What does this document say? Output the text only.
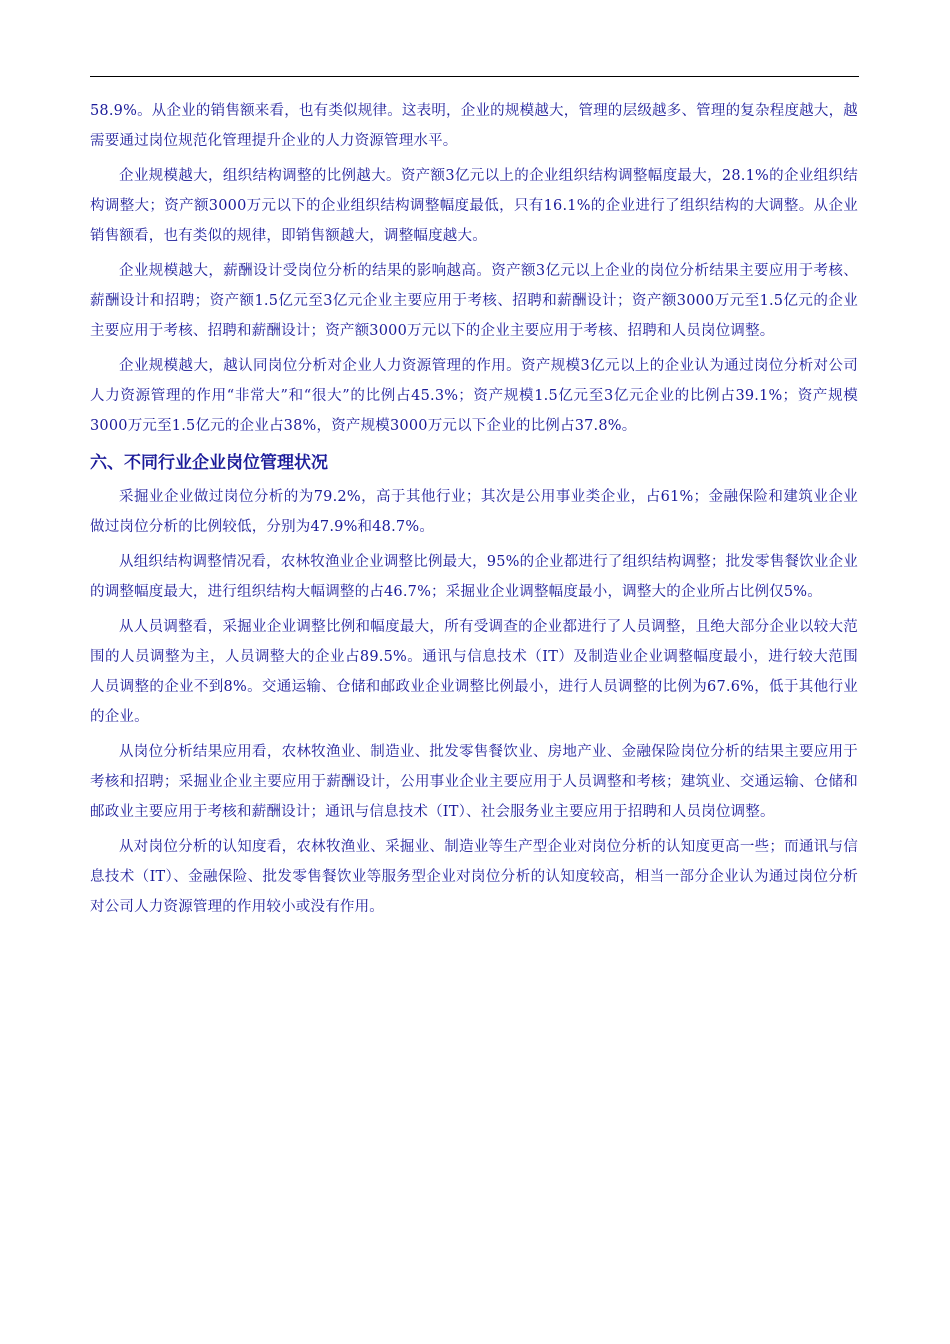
58.9%。从企业的销售额来看，也有类似规律。这表明，企业的规模越大，管理的层级越多、管理的复杂程度越大，越需要通过岗位规范化管理提升企业的人力资源管理水平。

企业规模越大，组织结构调整的比例越大。资产额3亿元以上的企业组织结构调整幅度最大，28.1%的企业组织结构调整大；资产额3000万元以下的企业组织结构调整幅度最低，只有16.1%的企业进行了组织结构的大调整。从企业销售额看，也有类似的规律，即销售额越大，调整幅度越大。

企业规模越大，薪酬设计受岗位分析的结果的影响越高。资产额3亿元以上企业的岗位分析结果主要应用于考核、薪酬设计和招聘；资产额1.5亿元至3亿元企业主要应用于考核、招聘和薪酬设计；资产额3000万元至1.5亿元的企业主要应用于考核、招聘和薪酬设计；资产额3000万元以下的企业主要应用于考核、招聘和人员岗位调整。

企业规模越大，越认同岗位分析对企业人力资源管理的作用。资产规模3亿元以上的企业认为通过岗位分析对公司人力资源管理的作用“非常大”和“很大”的比例占45.3%；资产规模1.5亿元至3亿元企业的比例占39.1%；资产规模3000万元至1.5亿元的企业占38%，资产规模3000万元以下企业的比例占37.8%。

六、不同行业企业岗位管理状况

采掘业企业做过岗位分析的为79.2%，高于其他行业；其次是公用事业类企业，占61%；金融保险和建筑业企业做过岗位分析的比例较低，分别为47.9%和48.7%。

从组织结构调整情况看，农林牧渔业企业调整比例最大，95%的企业都进行了组织结构调整；批发零售餐饮业企业的调整幅度最大，进行组织结构大幅调整的占46.7%；采掘业企业调整幅度最小，调整大的企业所占比例仅5%。

从人员调整看，采掘业企业调整比例和幅度最大，所有受调查的企业都进行了人员调整，且绝大部分企业以较大范围的人员调整为主，人员调整大的企业占89.5%。通讯与信息技术（IT）及制造业企业调整幅度最小，进行较大范围人员调整的企业不到8%。交通运输、仓储和邮政业企业调整比例最小，进行人员调整的比例为67.6%，低于其他行业的企业。

从岗位分析结果应用看，农林牧渔业、制造业、批发零售餐饮业、房地产业、金融保险岗位分析的结果主要应用于考核和招聘；采掘业企业主要应用于薪酬设计，公用事业企业主要应用于人员调整和考核；建筑业、交通运输、仓储和邮政业主要应用于考核和薪酬设计；通讯与信息技术（IT）、社会服务业主要应用于招聘和人员岗位调整。

从对岗位分析的认知度看，农林牧渔业、采掘业、制造业等生产型企业对岗位分析的认知度更高一些；而通讯与信息技术（IT）、金融保险、批发零售餐饮业等服务型企业对岗位分析的认知度较高，相当一部分企业认为通过岗位分析对公司人力资源管理的作用较小或没有作用。
